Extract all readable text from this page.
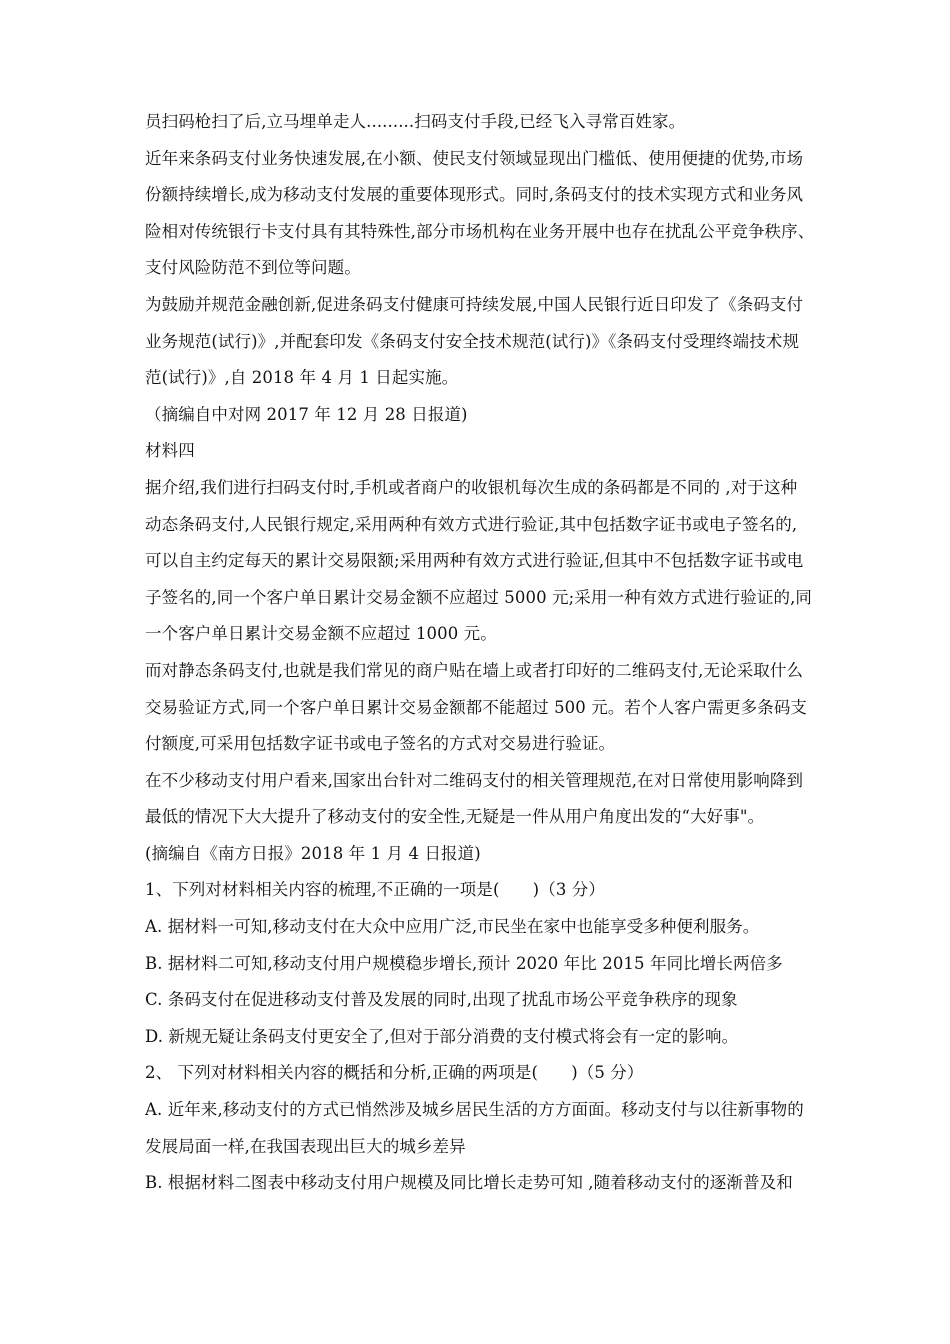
员扫码枪扫了后,立马埋单走人.........扫码支付手段,已经飞入寻常百姓家。
近年来条码支付业务快速发展,在小额、使民支付领域显现出门槛低、使用便捷的优势,市场
份额持续增长,成为移动支付发展的重要体现形式。同时,条码支付的技术实现方式和业务风
险相对传统银行卡支付具有其特殊性,部分市场机构在业务开展中也存在扰乱公平竞争秩序、
支付风险防范不到位等问题。
为鼓励并规范金融创新,促进条码支付健康可持续发展,中国人民银行近日印发了《条码支付
业务规范(试行)》,并配套印发《条码支付安全技术规范(试行)》《条码支付受理终端技术规
范(试行)》,自 2018 年 4 月 1 日起实施。
（摘编自中对网 2017 年 12 月 28 日报道)
材料四
据介绍,我们进行扫码支付时,手机或者商户的收银机每次生成的条码都是不同的 ,对于这种
动态条码支付,人民银行规定,采用两种有效方式进行验证,其中包括数字证书或电子签名的,
可以自主约定每天的累计交易限额;采用两种有效方式进行验证,但其中不包括数字证书或电
子签名的,同一个客户单日累计交易金额不应超过 5000 元;采用一种有效方式进行验证的,同
一个客户单日累计交易金额不应超过 1000 元。
而对静态条码支付,也就是我们常见的商户贴在墙上或者打印好的二维码支付,无论采取什么
交易验证方式,同一个客户单日累计交易金额都不能超过 500 元。若个人客户需更多条码支
付额度,可采用包括数字证书或电子签名的方式对交易进行验证。
在不少移动支付用户看来,国家出台针对二维码支付的相关管理规范,在对日常使用影响降到
最低的情况下大大提升了移动支付的安全性,无疑是一件从用户角度出发的“大好事"。
(摘编自《南方日报》2018 年 1 月 4 日报道)
1、下列对材料相关内容的梳理,不正确的一项是(　　)（3 分）
A. 据材料一可知,移动支付在大众中应用广泛,市民坐在家中也能享受多种便利服务。
B. 据材料二可知,移动支付用户规模稳步增长,预计 2020 年比 2015 年同比增长两倍多
C. 条码支付在促进移动支付普及发展的同时,出现了扰乱市场公平竞争秩序的现象
D. 新规无疑让条码支付更安全了,但对于部分消费的支付模式将会有一定的影响。
2、 下列对材料相关内容的概括和分析,正确的两项是(　　)（5 分）
A. 近年来,移动支付的方式已悄然涉及城乡居民生活的方方面面。移动支付与以往新事物的
发展局面一样,在我国表现出巨大的城乡差异
B. 根据材料二图表中移动支付用户规模及同比增长走势可知 ,随着移动支付的逐渐普及和
